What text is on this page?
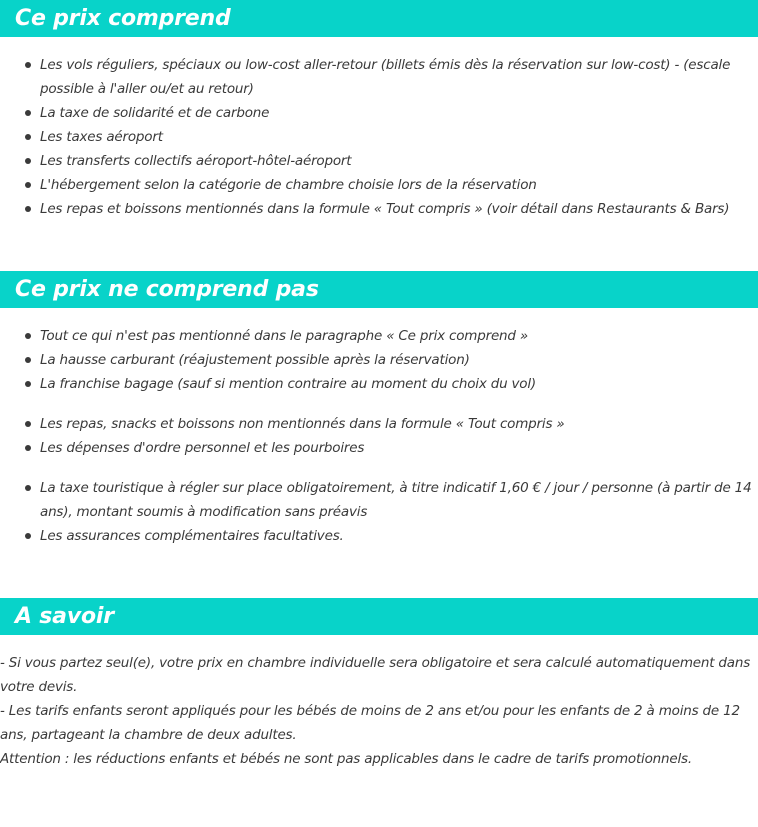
Ce prix comprend
Les vols réguliers, spéciaux ou low-cost aller-retour (billets émis dès la réservation sur low-cost) - (escale possible à l'aller ou/et au retour)
La taxe de solidarité et de carbone
Les taxes aéroport
Les transferts collectifs aéroport-hôtel-aéroport
L'hébergement selon la catégorie de chambre choisie lors de la réservation
Les repas et boissons mentionnés dans la formule « Tout compris » (voir détail dans Restaurants & Bars)
Ce prix ne comprend pas
Tout ce qui n'est pas mentionné dans le paragraphe « Ce prix comprend »
La hausse carburant (réajustement possible après la réservation)
La franchise bagage (sauf si mention contraire au moment du choix du vol)
Les repas, snacks et boissons non mentionnés dans la formule « Tout compris »
Les dépenses d'ordre personnel et les pourboires
La taxe touristique à régler sur place obligatoirement, à titre indicatif 1,60 € / jour / personne (à partir de 14 ans), montant soumis à modification sans préavis
Les assurances complémentaires facultatives.
A savoir

- Si vous partez seul(e), votre prix en chambre individuelle sera obligatoire et sera calculé automatiquement dans votre devis.

- Les tarifs enfants seront appliqués pour les bébés de moins de 2 ans et/ou pour les enfants de 2 à moins de 12 ans, partageant la chambre de deux adultes.

Attention : les réductions enfants et bébés ne sont pas applicables dans le cadre de tarifs promotionnels.
